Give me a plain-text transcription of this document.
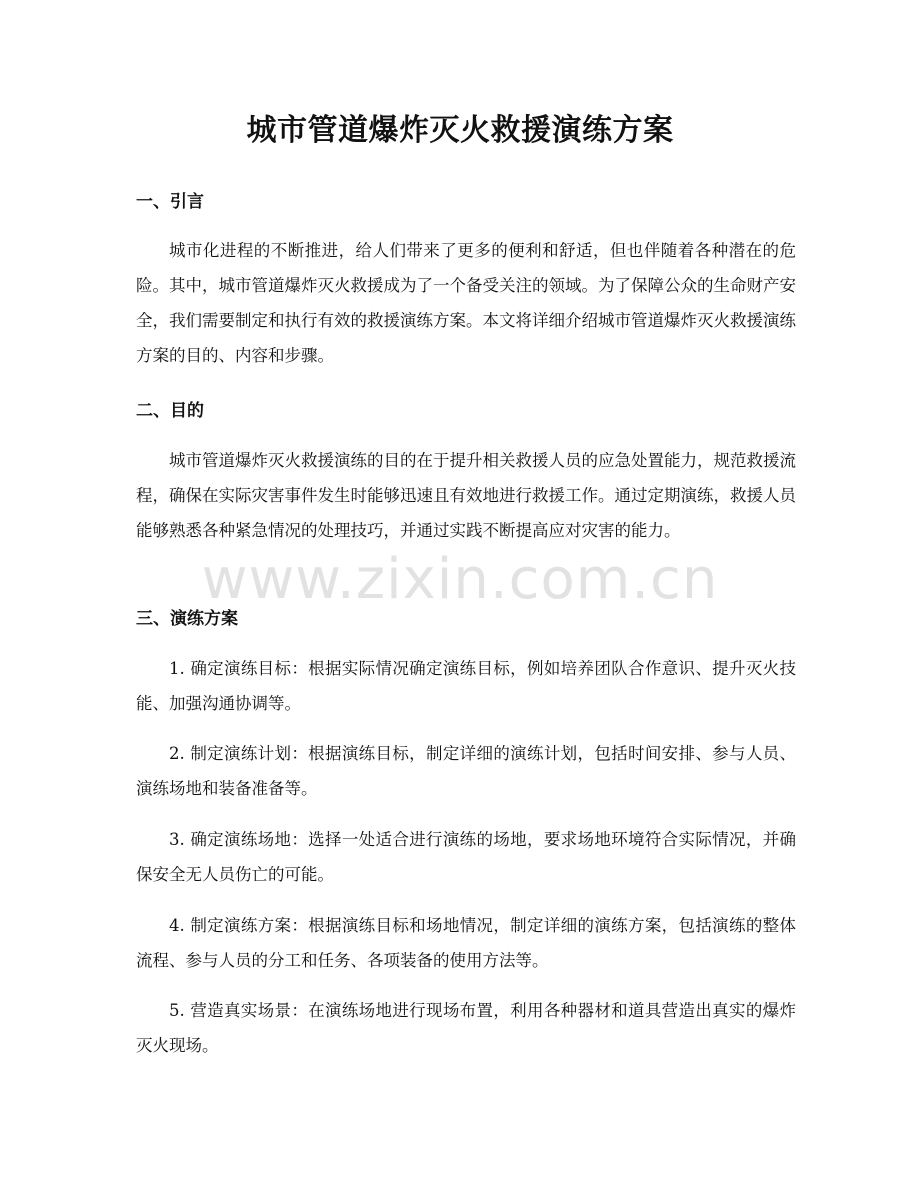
城市管道爆炸灭火救援演练方案
一、引言

城市化进程的不断推进，给人们带来了更多的便利和舒适，但也伴随着各种潜在的危险。其中，城市管道爆炸灭火救援成为了一个备受关注的领域。为了保障公众的生命财产安全，我们需要制定和执行有效的救援演练方案。本文将详细介绍城市管道爆炸灭火救援演练方案的目的、内容和步骤。

二、目的

城市管道爆炸灭火救援演练的目的在于提升相关救援人员的应急处置能力，规范救援流程，确保在实际灾害事件发生时能够迅速且有效地进行救援工作。通过定期演练，救援人员能够熟悉各种紧急情况的处理技巧，并通过实践不断提高应对灾害的能力。

三、演练方案

1. 确定演练目标：根据实际情况确定演练目标，例如培养团队合作意识、提升灭火技能、加强沟通协调等。

2. 制定演练计划：根据演练目标，制定详细的演练计划，包括时间安排、参与人员、演练场地和装备准备等。

3. 确定演练场地：选择一处适合进行演练的场地，要求场地环境符合实际情况，并确保安全无人员伤亡的可能。

4. 制定演练方案：根据演练目标和场地情况，制定详细的演练方案，包括演练的整体流程、参与人员的分工和任务、各项装备的使用方法等。

5. 营造真实场景：在演练场地进行现场布置，利用各种器材和道具营造出真实的爆炸灭火现场。

www.zixin.com.cn
